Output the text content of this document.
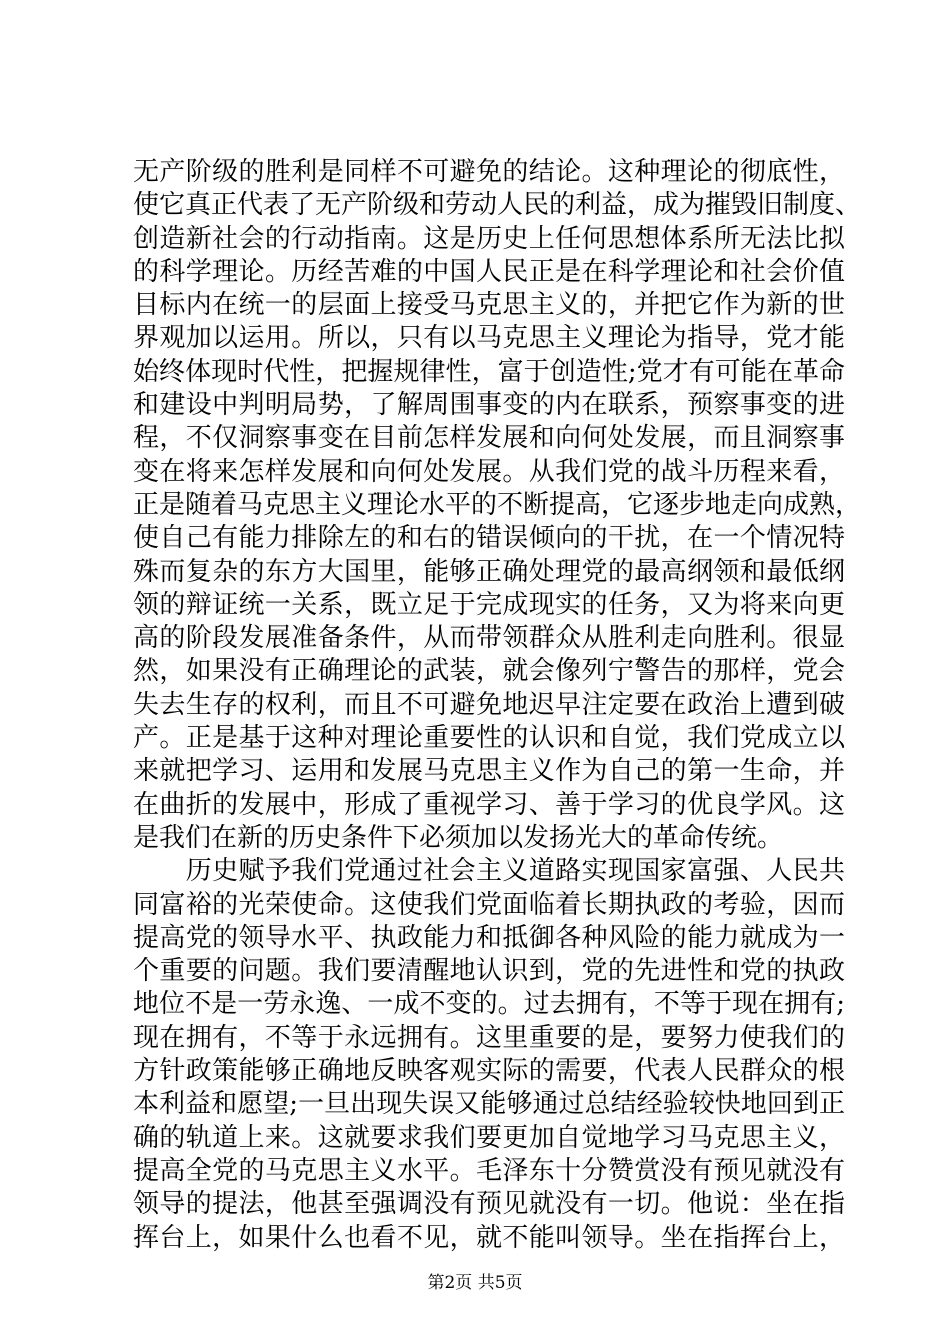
无产阶级的胜利是同样不可避免的结论。这种理论的彻底性，
使它真正代表了无产阶级和劳动人民的利益，成为摧毁旧制度、
创造新社会的行动指南。这是历史上任何思想体系所无法比拟
的科学理论。历经苦难的中国人民正是在科学理论和社会价值
目标内在统一的层面上接受马克思主义的，并把它作为新的世
界观加以运用。所以，只有以马克思主义理论为指导，党才能
始终体现时代性，把握规律性，富于创造性;党才有可能在革命
和建设中判明局势，了解周围事变的内在联系，预察事变的进
程，不仅洞察事变在目前怎样发展和向何处发展，而且洞察事
变在将来怎样发展和向何处发展。从我们党的战斗历程来看，
正是随着马克思主义理论水平的不断提高，它逐步地走向成熟，
使自己有能力排除左的和右的错误倾向的干扰，在一个情况特
殊而复杂的东方大国里，能够正确处理党的最高纲领和最低纲
领的辩证统一关系，既立足于完成现实的任务，又为将来向更
高的阶段发展准备条件，从而带领群众从胜利走向胜利。很显
然，如果没有正确理论的武装，就会像列宁警告的那样，党会
失去生存的权利，而且不可避免地迟早注定要在政治上遭到破
产。正是基于这种对理论重要性的认识和自觉，我们党成立以
来就把学习、运用和发展马克思主义作为自己的第一生命，并
在曲折的发展中，形成了重视学习、善于学习的优良学风。这
是我们在新的历史条件下必须加以发扬光大的革命传统。
　　历史赋予我们党通过社会主义道路实现国家富强、人民共
同富裕的光荣使命。这使我们党面临着长期执政的考验，因而
提高党的领导水平、执政能力和抵御各种风险的能力就成为一
个重要的问题。我们要清醒地认识到，党的先进性和党的执政
地位不是一劳永逸、一成不变的。过去拥有，不等于现在拥有;
现在拥有，不等于永远拥有。这里重要的是，要努力使我们的
方针政策能够正确地反映客观实际的需要，代表人民群众的根
本利益和愿望;一旦出现失误又能够通过总结经验较快地回到正
确的轨道上来。这就要求我们要更加自觉地学习马克思主义，
提高全党的马克思主义水平。毛泽东十分赞赏没有预见就没有
领导的提法，他甚至强调没有预见就没有一切。他说：坐在指
挥台上，如果什么也看不见，就不能叫领导。坐在指挥台上，
第2页 共5页
